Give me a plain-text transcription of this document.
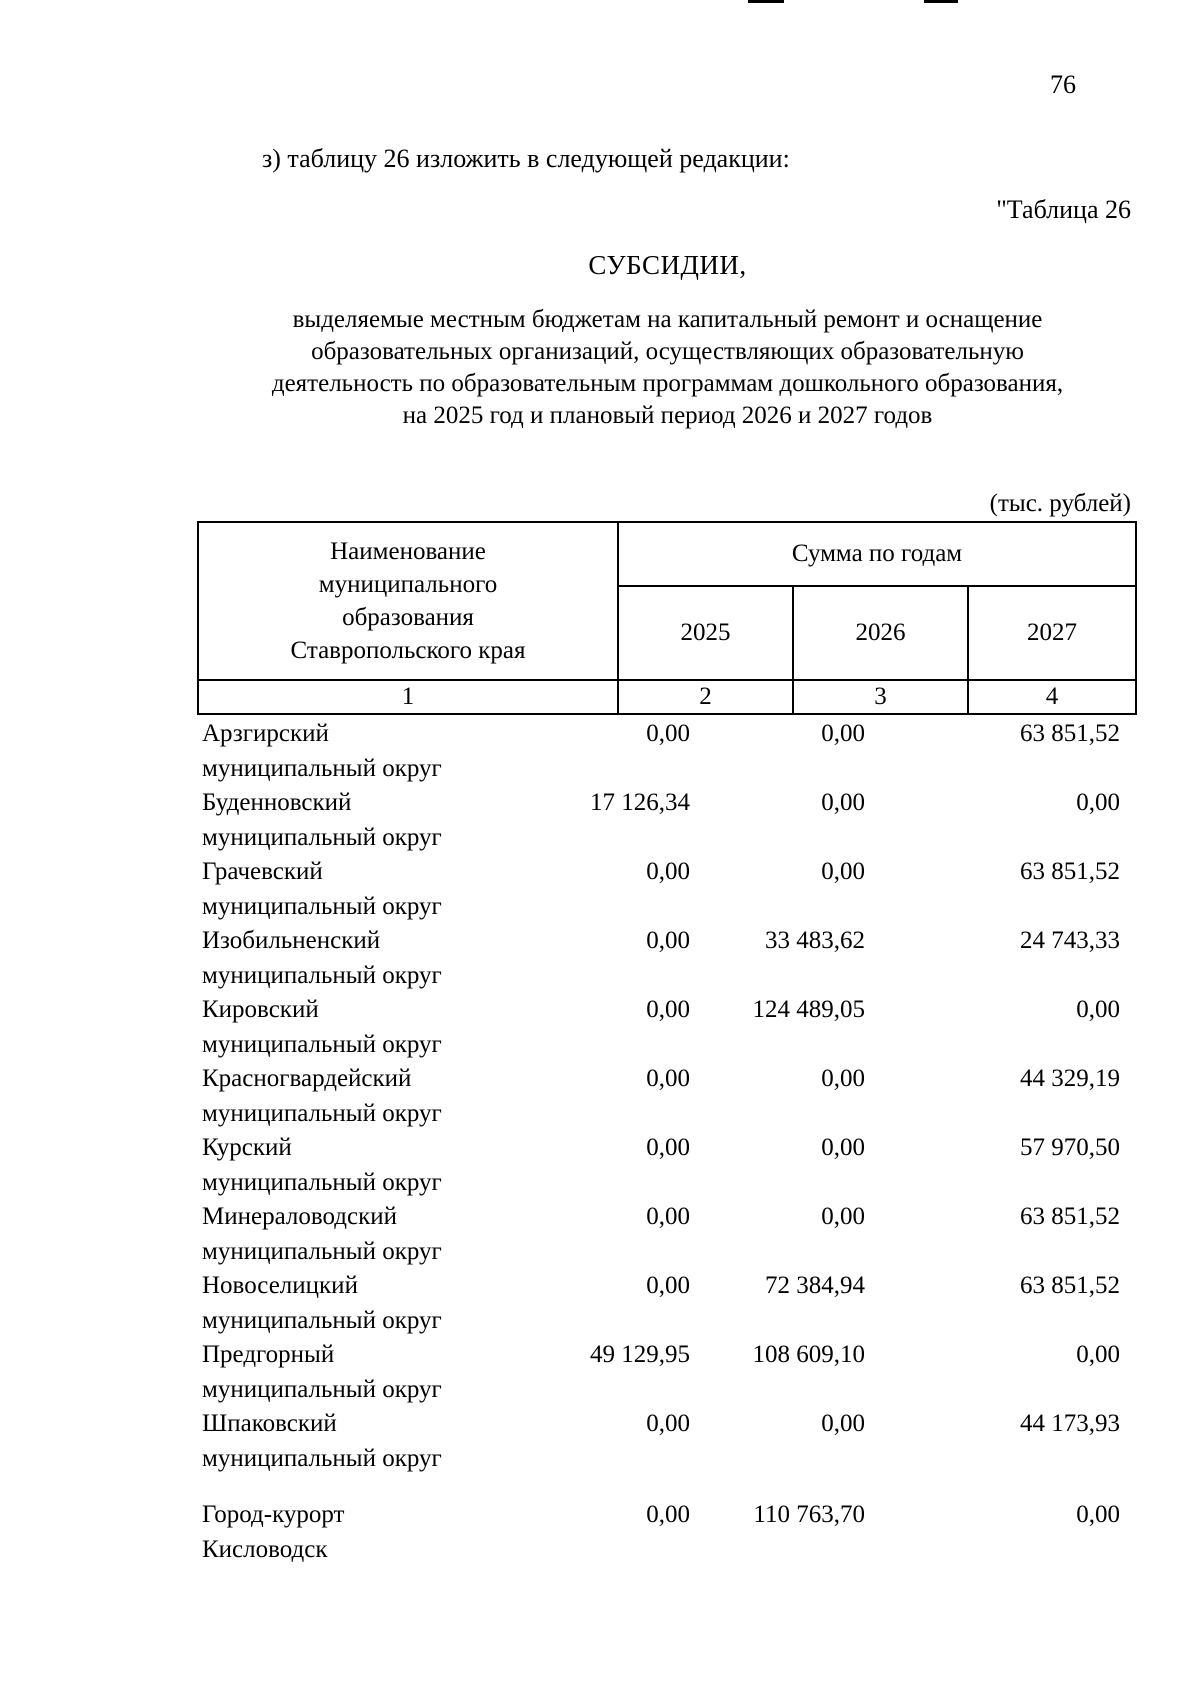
76
з) таблицу 26 изложить в следующей редакции:
"Таблица 26
СУБСИДИИ,
выделяемые местным бюджетам на капитальный ремонт и оснащение
образовательных организаций, осуществляющих образовательную
деятельность по образовательным программам дошкольного образования,
на 2025 год и плановый период 2026 и 2027 годов
(тыс. рублей)
Наименование
муниципального
образования
Ставропольского края	Сумма по годам		
	2025	2026	2027
1	2	3	4
Арзгирский
муниципальный округ
0,00	0,00	63 851,52
Буденновский
муниципальный округ
17 126,34	0,00	0,00
Грачевский
муниципальный округ
0,00	0,00	63 851,52
Изобильненский
муниципальный округ
0,00	33 483,62	24 743,33
Кировский
муниципальный округ
0,00	124 489,05	0,00
Красногвардейский
муниципальный округ
0,00	0,00	44 329,19
Курский
муниципальный округ
0,00	0,00	57 970,50
Минераловодский
муниципальный округ
0,00	0,00	63 851,52
Новоселицкий
муниципальный округ
0,00	72 384,94	63 851,52
Предгорный
муниципальный округ
49 129,95	108 609,10	0,00
Шпаковский
муниципальный округ
0,00	0,00	44 173,93
Город-курорт
Кисловодск
0,00	110 763,70	0,00
